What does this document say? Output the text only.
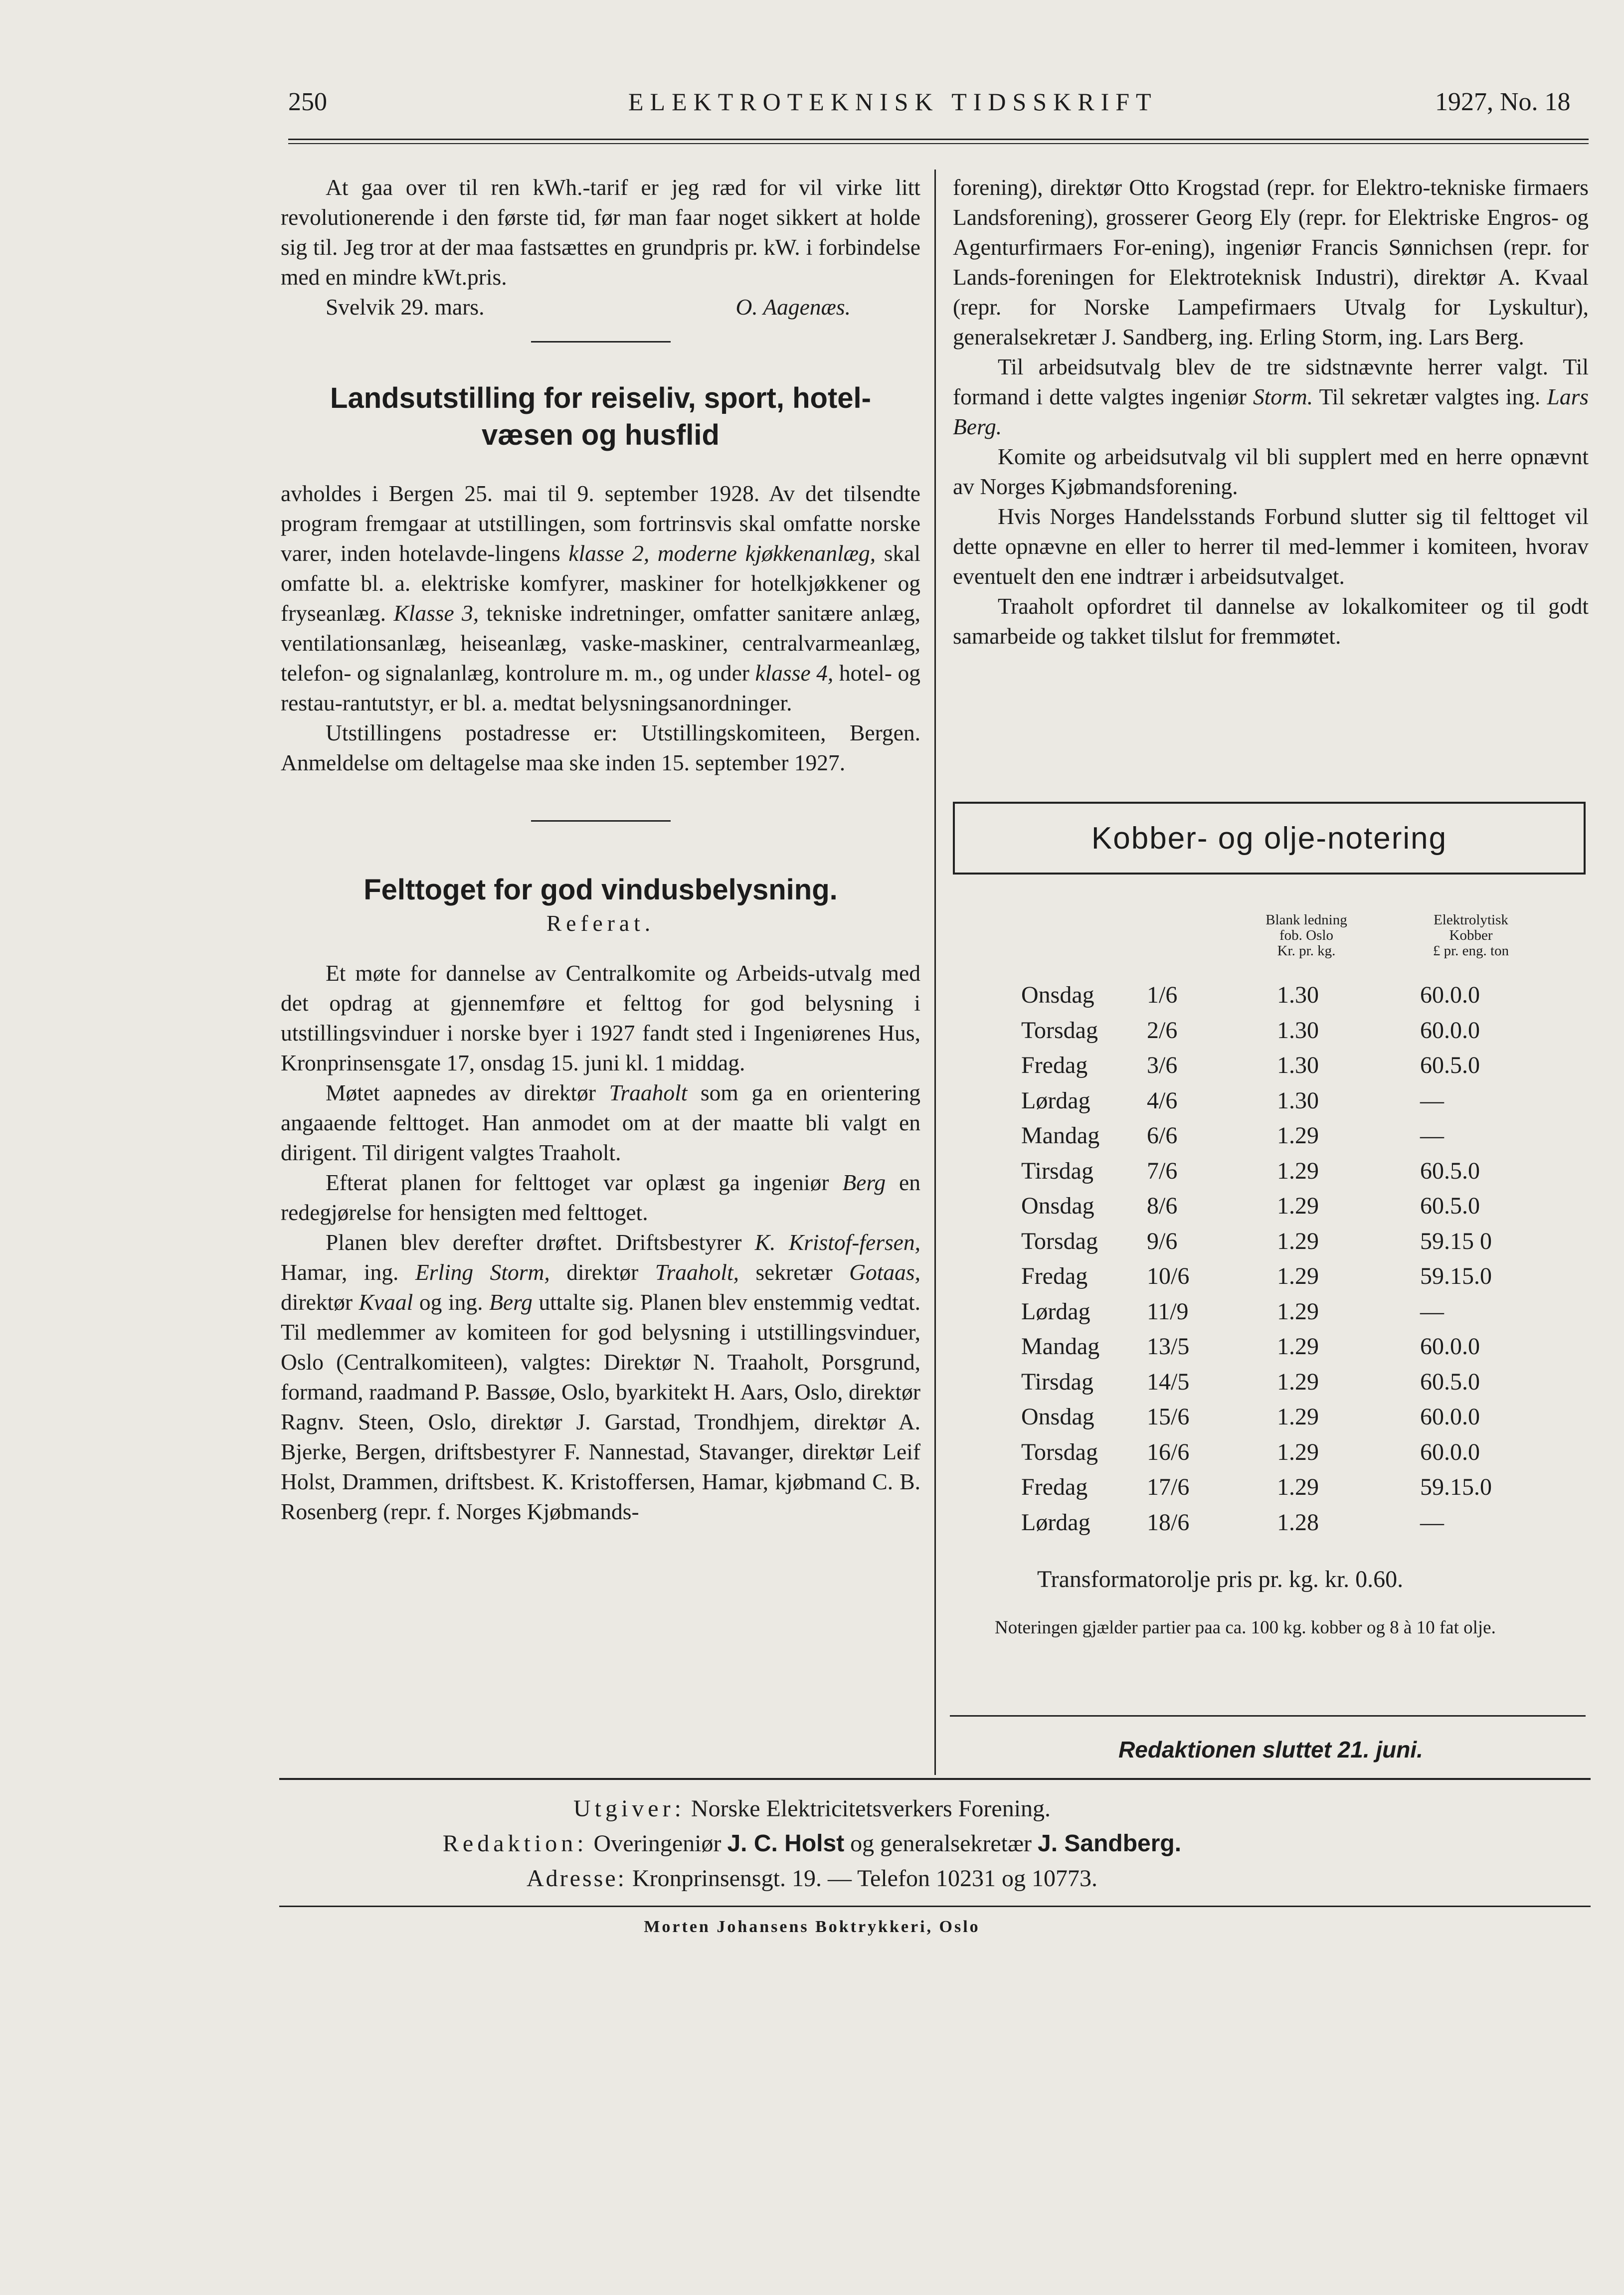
250	ELEKTROTEKNISK TIDSSKRIFT	1927, No. 18

At gaa over til ren kWh.-tarif er jeg ræd for vil virke litt revolutionerende i den første tid, før man faar noget sikkert at holde sig til. Jeg tror at der maa fastsættes en grundpris pr. kW. i forbindelse med en mindre kWt.pris.

Svelvik 29. mars.	O. Aagenæs.
Landsutstilling for reiseliv, sport, hotel-væsen og husflid

avholdes i Bergen 25. mai til 9. september 1928. Av det tilsendte program fremgaar at utstillingen, som fortrinsvis skal omfatte norske varer, inden hotelavde-lingens klasse 2, moderne kjøkkenanlæg, skal omfatte bl. a. elektriske komfyrer, maskiner for hotelkjøkkener og fryseanlæg. Klasse 3, tekniske indretninger, omfatter sanitære anlæg, ventilationsanlæg, heiseanlæg, vaske-maskiner, centralvarmeanlæg, telefon- og signalanlæg, kontrolure m. m., og under klasse 4, hotel- og restau-rantutstyr, er bl. a. medtat belysningsanordninger.

Utstillingens postadresse er: Utstillingskomiteen, Bergen. Anmeldelse om deltagelse maa ske inden 15. september 1927.

Felttoget for god vindusbelysning.

Referat.

Et møte for dannelse av Centralkomite og Arbeids-utvalg med det opdrag at gjennemføre et felttog for god belysning i utstillingsvinduer i norske byer i 1927 fandt sted i Ingeniørenes Hus, Kronprinsensgate 17, onsdag 15. juni kl. 1 middag.

Møtet aapnedes av direktør Traaholt som ga en orientering angaaende felttoget. Han anmodet om at der maatte bli valgt en dirigent. Til dirigent valgtes Traaholt.

Efterat planen for felttoget var oplæst ga ingeniør Berg en redegjørelse for hensigten med felttoget.

Planen blev derefter drøftet. Driftsbestyrer K. Kristof-fersen, Hamar, ing. Erling Storm, direktør Traaholt, sekretær Gotaas, direktør Kvaal og ing. Berg uttalte sig. Planen blev enstemmig vedtat. Til medlemmer av komiteen for god belysning i utstillingsvinduer, Oslo (Centralkomiteen), valgtes: Direktør N. Traaholt, Porsgrund, formand, raadmand P. Bassøe, Oslo, byarkitekt H. Aars, Oslo, direktør Ragnv. Steen, Oslo, direktør J. Garstad, Trondhjem, direktør A. Bjerke, Bergen, driftsbestyrer F. Nannestad, Stavanger, direktør Leif Holst, Drammen, driftsbest. K. Kristoffersen, Hamar, kjøbmand C. B. Rosenberg (repr. f. Norges Kjøbmands-

forening), direktør Otto Krogstad (repr. for Elektro-tekniske firmaers Landsforening), grosserer Georg Ely (repr. for Elektriske Engros- og Agenturfirmaers For-ening), ingeniør Francis Sønnichsen (repr. for Lands-foreningen for Elektroteknisk Industri), direktør A. Kvaal (repr. for Norske Lampefirmaers Utvalg for Lyskultur), generalsekretær J. Sandberg, ing. Erling Storm, ing. Lars Berg.

Til arbeidsutvalg blev de tre sidstnævnte herrer valgt. Til formand i dette valgtes ingeniør Storm. Til sekretær valgtes ing. Lars Berg.

Komite og arbeidsutvalg vil bli supplert med en herre opnævnt av Norges Kjøbmandsforening.

Hvis Norges Handelsstands Forbund slutter sig til felttoget vil dette opnævne en eller to herrer til med-lemmer i komiteen, hvorav eventuelt den ene indtrær i arbeidsutvalget.

Traaholt opfordret til dannelse av lokalkomiteer og til godt samarbeide og takket tilslut for fremmøtet.

Kobber- og olje-notering
Blank ledning
fob. Oslo
Kr. pr. kg.
Elektrolytisk
Kobber
£ pr. eng. ton
Onsdag 1/6	1.30	60.0.0
Torsdag 2/6	1.30	60.0.0
Fredag 3/6	1.30	60.5.0
Lørdag 4/6	1.30	—
Mandag 6/6	1.29	—
Tirsdag 7/6	1.29	60.5.0
Onsdag 8/6	1.29	60.5.0
Torsdag 9/6	1.29	59.15 0
Fredag 10/6	1.29	59.15.0
Lørdag 11/9	1.29	—
Mandag 13/5	1.29	60.0.0
Tirsdag 14/5	1.29	60.5.0
Onsdag 15/6	1.29	60.0.0
Torsdag 16/6	1.29	60.0.0
Fredag 17/6	1.29	59.15.0
Lørdag 18/6	1.28	—
Transformatorolje pris pr. kg. kr. 0.60.
Noteringen gjælder partier paa ca. 100 kg. kobber og 8 à 10 fat olje.
Redaktionen sluttet 21. juni.
Utgiver: Norske Elektricitetsverkers Forening.
Redaktion: Overingeniør J. C. Holst og generalsekretær J. Sandberg.
Adresse: Kronprinsensgt. 19. — Telefon 10231 og 10773.
Morten Johansens Boktrykkeri, Oslo
